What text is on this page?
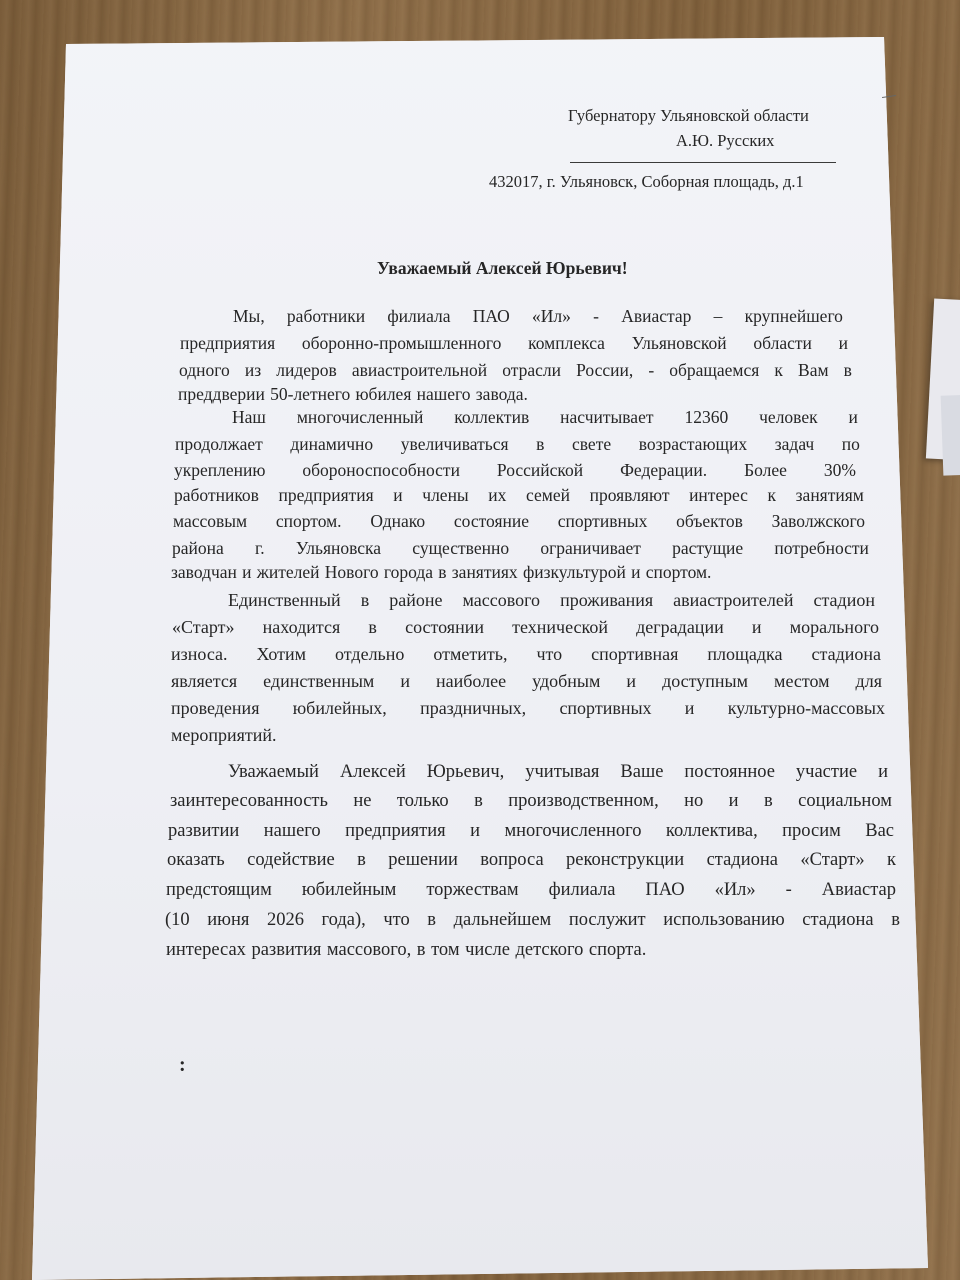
Губернатору Ульяновской области
А.Ю. Русских
432017, г. Ульяновск, Соборная площадь, д.1
Уважаемый Алексей Юрьевич!
Мы, работники филиала ПАО «Ил» - Авиастар – крупнейшего
предприятия оборонно-промышленного комплекса Ульяновской области и
одного из лидеров авиастроительной отрасли России, - обращаемся к Вам в
преддверии 50-летнего юбилея нашего завода.
Наш многочисленный коллектив насчитывает 12360 человек и
продолжает динамично увеличиваться в свете возрастающих задач по
укреплению обороноспособности Российской Федерации. Более 30%
работников предприятия и члены их семей проявляют интерес к занятиям
массовым спортом. Однако состояние спортивных объектов Заволжского
района г. Ульяновска существенно ограничивает растущие потребности
заводчан и жителей Нового города в занятиях физкультурой и спортом.
Единственный в районе массового проживания авиастроителей стадион
«Старт» находится в состоянии технической деградации и морального
износа. Хотим отдельно отметить, что спортивная площадка стадиона
является единственным и наиболее удобным и доступным местом для
проведения юбилейных, праздничных, спортивных и культурно-массовых
мероприятий.
Уважаемый Алексей Юрьевич, учитывая Ваше постоянное участие и
заинтересованность не только в производственном, но и в социальном
развитии нашего предприятия и многочисленного коллектива, просим Вас
оказать содействие в решении вопроса реконструкции стадиона «Старт» к
предстоящим юбилейным торжествам филиала ПАО «Ил» - Авиастар
(10 июня 2026 года), что в дальнейшем послужит использованию стадиона в
интересах развития массового, в том числе детского спорта.
:
